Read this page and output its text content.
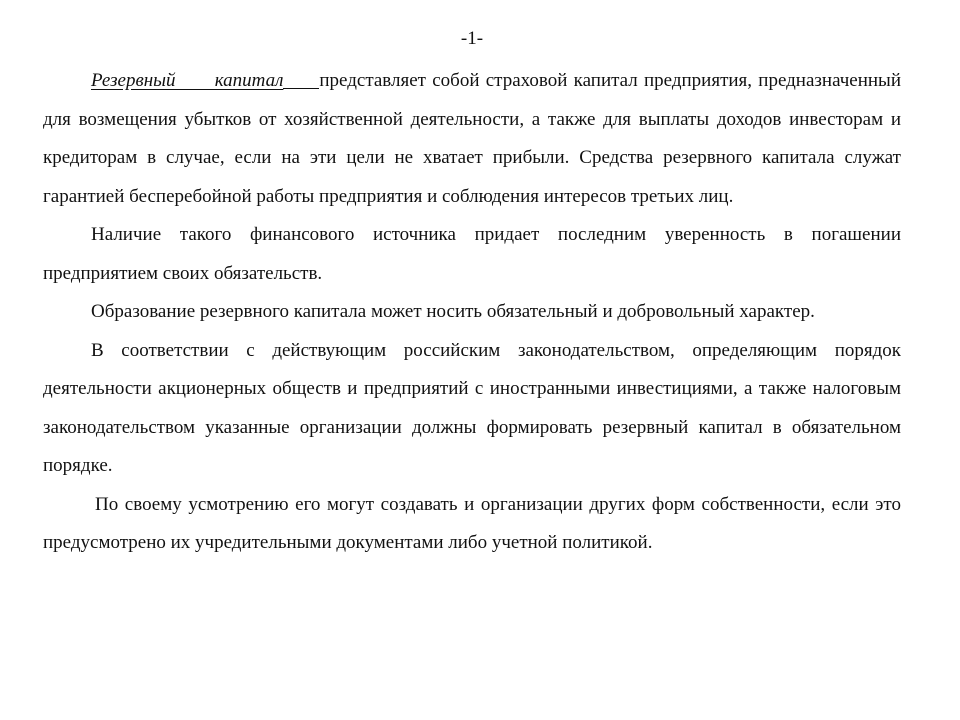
-1-

Резервный капитал представляет собой страховой капитал предприятия, предназначенный для возмещения убытков от хозяйственной деятельности, а также для выплаты доходов инвесторам и кредиторам в случае, если на эти цели не хватает прибыли. Средства резервного капитала служат гарантией бесперебойной работы предприятия и соблюдения интересов третьих лиц.

Наличие такого финансового источника придает последним уверенность в погашении предприятием своих обязательств.

Образование резервного капитала может носить обязательный и добровольный характер.

В соответствии с действующим российским законодательством, определяющим порядок деятельности акционерных обществ и предприятий с иностранными инвестициями, а также налоговым законодательством указанные организации должны формировать резервный капитал в обязательном порядке.

По своему усмотрению его могут создавать и организации других форм собственности, если это предусмотрено их учредительными документами либо учетной политикой.
